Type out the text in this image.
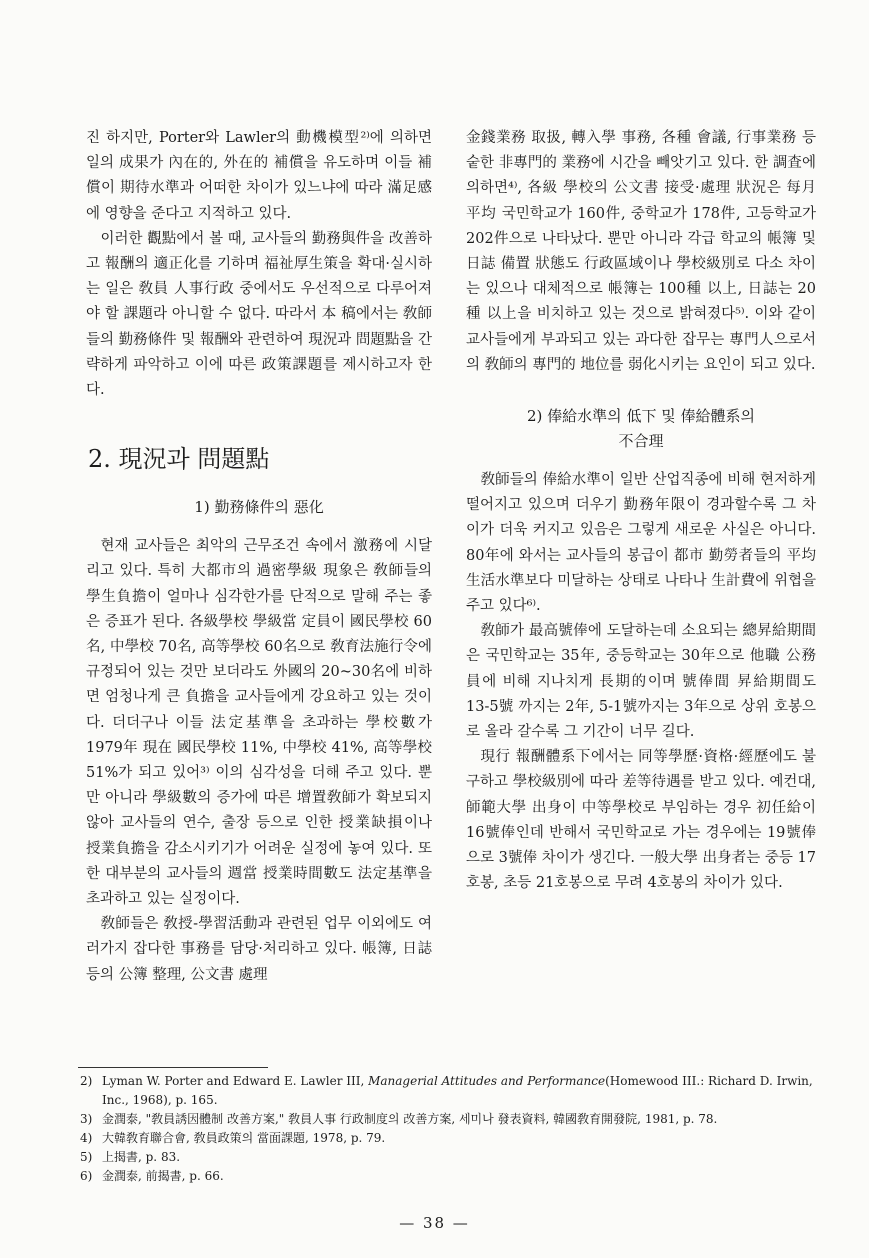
진 하지만, Porter와 Lawler의 動機模型²⁾에 의하면 일의 成果가 內在的, 外在的 補償을 유도하며 이들 補償이 期待水準과 어떠한 차이가 있느냐에 따라 滿足感에 영향을 준다고 지적하고 있다.

이러한 觀點에서 볼 때, 교사들의 勤務與件을 改善하고 報酬의 適正化를 기하며 福祉厚生策을 확대·실시하는 일은 敎員 人事行政 중에서도 우선적으로 다루어져야 할 課題라 아니할 수 없다. 따라서 本 稿에서는 敎師들의 勤務條件 및 報酬와 관련하여 現況과 問題點을 간략하게 파악하고 이에 따른 政策課題를 제시하고자 한다.

2. 現況과 問題點
1) 勤務條件의 惡化

현재 교사들은 최악의 근무조건 속에서 激務에 시달리고 있다. 특히 大都市의 過密學級 現象은 敎師들의 學生負擔이 얼마나 심각한가를 단적으로 말해 주는 좋은 증표가 된다. 各級學校 學級當 定員이 國民學校 60名, 中學校 70名, 高等學校 60名으로 敎育法施行令에 규정되어 있는 것만 보더라도 外國의 20~30名에 비하면 엄청나게 큰 負擔을 교사들에게 강요하고 있는 것이다. 더더구나 이들 法定基準을 초과하는 學校數가 1979年 現在 國民學校 11%, 中學校 41%, 高等學校 51%가 되고 있어³⁾ 이의 심각성을 더해 주고 있다. 뿐만 아니라 學級數의 증가에 따른 增置敎師가 확보되지 않아 교사들의 연수, 출장 등으로 인한 授業缺損이나 授業負擔을 감소시키기가 어려운 실정에 놓여 있다. 또한 대부분의 교사들의 週當 授業時間數도 法定基準을 초과하고 있는 실정이다.

敎師들은 敎授-學習活動과 관련된 업무 이외에도 여러가지 잡다한 事務를 담당·처리하고 있다. 帳簿, 日誌 등의 公簿 整理, 公文書 處理

金錢業務 取扱, 轉入學 事務, 各種 會議, 行事業務 등 숱한 非專門的 業務에 시간을 빼앗기고 있다. 한 調査에 의하면⁴⁾, 各級 學校의 公文書 接受·處理 狀況은 每月 平均 국민학교가 160件, 중학교가 178件, 고등학교가 202件으로 나타났다. 뿐만 아니라 각급 학교의 帳簿 및 日誌 備置 狀態도 行政區域이나 學校級別로 다소 차이는 있으나 대체적으로 帳簿는 100種 以上, 日誌는 20種 以上을 비치하고 있는 것으로 밝혀졌다⁵⁾. 이와 같이 교사들에게 부과되고 있는 과다한 잡무는 專門人으로서의 敎師의 專門的 地位를 弱化시키는 요인이 되고 있다.

2) 俸給水準의 低下 및 俸給體系의
不合理

敎師들의 俸給水準이 일반 산업직종에 비해 현저하게 떨어지고 있으며 더우기 勤務年限이 경과할수록 그 차이가 더욱 커지고 있음은 그렇게 새로운 사실은 아니다. 80年에 와서는 교사들의 봉급이 都市 勤勞者들의 平均 生活水準보다 미달하는 상태로 나타나 生計費에 위협을 주고 있다⁶⁾.

敎師가 最高號俸에 도달하는데 소요되는 總昇給期間은 국민학교는 35年, 중등학교는 30年으로 他職 公務員에 비해 지나치게 長期的이며 號俸間 昇給期間도 13-5號 까지는 2年, 5-1號까지는 3年으로 상위 호봉으로 올라 갈수록 그 기간이 너무 길다.

現行 報酬體系下에서는 同等學歷·資格·經歷에도 불구하고 學校級別에 따라 差等待遇를 받고 있다. 예컨대, 師範大學 出身이 中等學校로 부임하는 경우 初任給이 16號俸인데 반해서 국민학교로 가는 경우에는 19號俸으로 3號俸 차이가 생긴다. 一般大學 出身者는 중등 17호봉, 초등 21호봉으로 무려 4호봉의 차이가 있다.

2) Lyman W. Porter and Edward E. Lawler III, Managerial Attitudes and Performance(Homewood III.: Richard D. Irwin, Inc., 1968), p. 165.
3) 金潤泰, "敎員誘因體制 改善方案," 敎員人事 行政制度의 改善方案, 세미나 發表資料, 韓國敎育開發院, 1981, p. 78.
4) 大韓敎育聯合會, 敎員政策의 當面課題, 1978, p. 79.
5) 上揭書, p. 83.
6) 金潤泰, 前揭書, p. 66.
— 38 —
